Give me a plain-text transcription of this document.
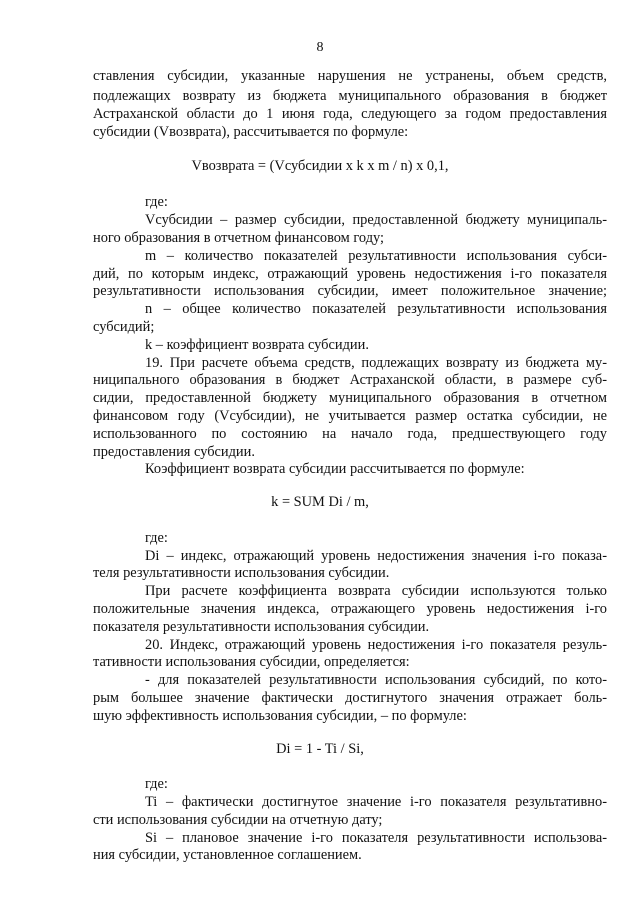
8
ставления субсидии, указанные нарушения не устранены, объем средств,
подлежащих возврату из бюджета муниципального образования в бюджет
Астраханской области до 1 июня года, следующего за годом предоставления
субсидии (Vвозврата), рассчитывается по формуле:
Vвозврата = (Vсубсидии x k x m / n) x 0,1,
где:
Vсубсидии – размер субсидии, предоставленной бюджету муниципаль-
ного образования в отчетном финансовом году;
m – количество показателей результативности использования субси-
дий, по которым индекс, отражающий уровень недостижения i-го показателя
результативности использования субсидии, имеет положительное значение;
n – общее количество показателей результативности использования
субсидий;
k – коэффициент возврата субсидии.
19. При расчете объема средств, подлежащих возврату из бюджета му-
ниципального образования в бюджет Астраханской области, в размере суб-
сидии, предоставленной бюджету муниципального образования в отчетном
финансовом году (Vсубсидии), не учитывается размер остатка субсидии, не
использованного по состоянию на начало года, предшествующего году
предоставления субсидии.
Коэффициент возврата субсидии рассчитывается по формуле:
k = SUM Di / m,
где:
Di – индекс, отражающий уровень недостижения значения i-го показа-
теля результативности использования субсидии.
При расчете коэффициента возврата субсидии используются только
положительные значения индекса, отражающего уровень недостижения i-го
показателя результативности использования субсидии.
20. Индекс, отражающий уровень недостижения i-го показателя резуль-
тативности использования субсидии, определяется:
- для показателей результативности использования субсидий, по кото-
рым большее значение фактически достигнутого значения отражает боль-
шую эффективность использования субсидии, – по формуле:
Di = 1 - Ti / Si,
где:
Ti – фактически достигнутое значение i-го показателя результативно-
сти использования субсидии на отчетную дату;
Si – плановое значение i-го показателя результативности использова-
ния субсидии, установленное соглашением.
